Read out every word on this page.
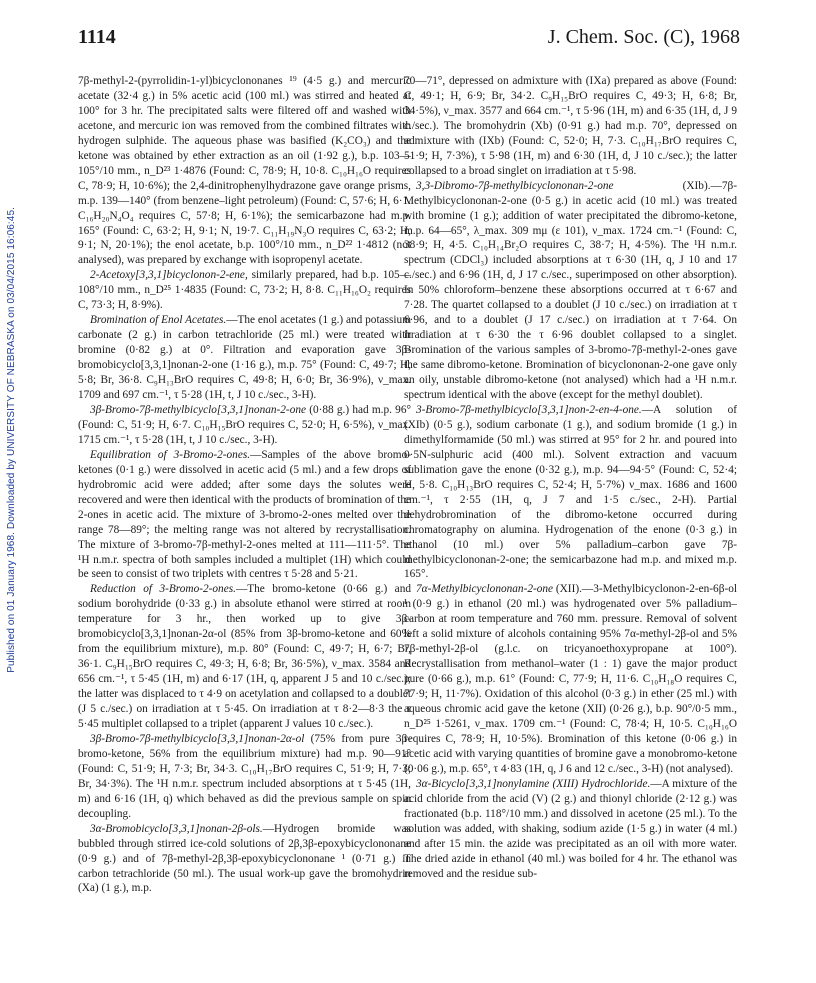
Published on 01 January 1968. Downloaded by UNIVERSITY OF NEBRASKA on 03/04/2015 16:06:45.
1114	J. Chem. Soc. (C), 1968

7β-methyl-2-(pyrrolidin-1-yl)bicyclononanes ¹⁹ (4·5 g.) and mercuric acetate (32·4 g.) in 5% acetic acid (100 ml.) was stirred and heated at 100° for 3 hr. The precipitated salts were filtered off and washed with acetone, and mercuric ion was removed from the combined filtrates with hydrogen sulphide. The aqueous phase was basified (K₂CO₃) and the ketone was obtained by ether extraction as an oil (1·92 g.), b.p. 103—105°/10 mm., n_D²³ 1·4876 (Found: C, 78·9; H, 10·8. C₁₀H₁₆O requires C, 78·9; H, 10·6%); the 2,4-dinitrophenylhydrazone gave orange prisms, m.p. 139—140° (from benzene–light petroleum) (Found: C, 57·6; H, 6·1. C₁₆H₂₀N₄O₄ requires C, 57·8; H, 6·1%); the semicarbazone had m.p. 165° (Found: C, 63·2; H, 9·1; N, 19·7. C₁₁H₁₉N₃O requires C, 63·2; H, 9·1; N, 20·1%); the enol acetate, b.p. 100°/10 mm., n_D²² 1·4812 (not analysed), was prepared by exchange with isopropenyl acetate.

2-Acetoxy[3,3,1]bicyclonon-2-ene, similarly prepared, had b.p. 105—108°/10 mm., n_D²⁵ 1·4835 (Found: C, 73·2; H, 8·8. C₁₁H₁₆O₂ requires C, 73·3; H, 8·9%).

Bromination of Enol Acetates.—The enol acetates (1 g.) and potassium carbonate (2 g.) in carbon tetrachloride (25 ml.) were treated with bromine (0·82 g.) at 0°. Filtration and evaporation gave 3β-bromobicyclo[3,3,1]nonan-2-one (1·16 g.), m.p. 75° (Found: C, 49·7; H, 5·8; Br, 36·8. C₉H₁₃BrO requires C, 49·8; H, 6·0; Br, 36·9%), ν_max. 1709 and 697 cm.⁻¹, τ 5·28 (1H, t, J 10 c./sec., 3-H).

3β-Bromo-7β-methylbicyclo[3,3,1]nonan-2-one (0·88 g.) had m.p. 96° (Found: C, 51·9; H, 6·7. C₁₀H₁₅BrO requires C, 52·0; H, 6·5%), ν_max. 1715 cm.⁻¹, τ 5·28 (1H, t, J 10 c./sec., 3-H).

Equilibration of 3-Bromo-2-ones.—Samples of the above bromo-ketones (0·1 g.) were dissolved in acetic acid (5 ml.) and a few drops of hydrobromic acid were added; after some days the solutes were recovered and were then identical with the products of bromination of the 2-ones in acetic acid. The mixture of 3-bromo-2-ones melted over the range 78—89°; the melting range was not altered by recrystallisation. The mixture of 3-bromo-7β-methyl-2-ones melted at 111—111·5°. The ¹H n.m.r. spectra of both samples included a multiplet (1H) which could be seen to consist of two triplets with centres τ 5·28 and 5·21.

Reduction of 3-Bromo-2-ones.—The bromo-ketone (0·66 g.) and sodium borohydride (0·33 g.) in absolute ethanol were stirred at room temperature for 3 hr., then worked up to give 3β-bromobicyclo[3,3,1]nonan-2α-ol (85% from 3β-bromo-ketone and 60% from the equilibrium mixture), m.p. 80° (Found: C, 49·7; H, 6·7; Br, 36·1. C₉H₁₅BrO requires C, 49·3; H, 6·8; Br, 36·5%), ν_max. 3584 and 656 cm.⁻¹, τ 5·45 (1H, m) and 6·17 (1H, q, apparent J 5 and 10 c./sec.); the latter was displaced to τ 4·9 on acetylation and collapsed to a doublet (J 5 c./sec.) on irradiation at τ 5·45. On irradiation at τ 8·2—8·3 the τ 5·45 multiplet collapsed to a triplet (apparent J values 10 c./sec.).

3β-Bromo-7β-methylbicyclo[3,3,1]nonan-2α-ol (75% from pure 3β-bromo-ketone, 56% from the equilibrium mixture) had m.p. 90—91° (Found: C, 51·9; H, 7·3; Br, 34·3. C₁₀H₁₇BrO requires C, 51·9; H, 7·3; Br, 34·3%). The ¹H n.m.r. spectrum included absorptions at τ 5·45 (1H, m) and 6·16 (1H, q) which behaved as did the previous sample on spin decoupling.

3α-Bromobicyclo[3,3,1]nonan-2β-ols.—Hydrogen bromide was bubbled through stirred ice-cold solutions of 2β,3β-epoxybicyclononane (0·9 g.) and of 7β-methyl-2β,3β-epoxybicyclononane ¹ (0·71 g.) in carbon tetrachloride (50 ml.). The usual work-up gave the bromohydrin (Xa) (1 g.), m.p.

70—71°, depressed on admixture with (IXa) prepared as above (Found: C, 49·1; H, 6·9; Br, 34·2. C₉H₁₅BrO requires C, 49·3; H, 6·8; Br, 34·5%), ν_max. 3577 and 664 cm.⁻¹, τ 5·96 (1H, m) and 6·35 (1H, d, J 9 c./sec.). The bromohydrin (Xb) (0·91 g.) had m.p. 70°, depressed on admixture with (IXb) (Found: C, 52·0; H, 7·3. C₁₀H₁₇BrO requires C, 51·9; H, 7·3%), τ 5·98 (1H, m) and 6·30 (1H, d, J 10 c./sec.); the latter collapsed to a broad singlet on irradiation at τ 5·98.

3,3-Dibromo-7β-methylbicyclononan-2-one (XIb).—7β-Methylbicyclononan-2-one (0·5 g.) in acetic acid (10 ml.) was treated with bromine (1 g.); addition of water precipitated the dibromo-ketone, m.p. 64—65°, λ_max. 309 mμ (ε 101), ν_max. 1724 cm.⁻¹ (Found: C, 38·9; H, 4·5. C₁₀H₁₄Br₂O requires C, 38·7; H, 4·5%). The ¹H n.m.r. spectrum (CDCl₃) included absorptions at τ 6·30 (1H, q, J 10 and 17 c./sec.) and 6·96 (1H, d, J 17 c./sec., superimposed on other absorption). In 50% chloroform–benzene these absorptions occurred at τ 6·67 and 7·28. The quartet collapsed to a doublet (J 10 c./sec.) on irradiation at τ 6·96, and to a doublet (J 17 c./sec.) on irradiation at τ 7·64. On irradiation at τ 6·30 the τ 6·96 doublet collapsed to a singlet. Bromination of the various samples of 3-bromo-7β-methyl-2-ones gave the same dibromo-ketone. Bromination of bicyclononan-2-one gave only an oily, unstable dibromo-ketone (not analysed) which had a ¹H n.m.r. spectrum identical with the above (except for the methyl doublet).

3-Bromo-7β-methylbicyclo[3,3,1]non-2-en-4-one.—A solution of (XIb) (0·5 g.), sodium carbonate (1 g.), and sodium bromide (1 g.) in dimethylformamide (50 ml.) was stirred at 95° for 2 hr. and poured into 0·5N-sulphuric acid (400 ml.). Solvent extraction and vacuum sublimation gave the enone (0·32 g.), m.p. 94—94·5° (Found: C, 52·4; H, 5·8. C₁₀H₁₃BrO requires C, 52·4; H, 5·7%) ν_max. 1686 and 1600 cm.⁻¹, τ 2·55 (1H, q, J 7 and 1·5 c./sec., 2-H). Partial dehydrobromination of the dibromo-ketone occurred during chromatography on alumina. Hydrogenation of the enone (0·3 g.) in ethanol (10 ml.) over 5% palladium–carbon gave 7β-methylbicyclononan-2-one; the semicarbazone had m.p. and mixed m.p. 165°.

7α-Methylbicyclononan-2-one (XII).—3-Methylbicyclonon-2-en-6β-ol ¹ (0·9 g.) in ethanol (20 ml.) was hydrogenated over 5% palladium–carbon at room temperature and 760 mm. pressure. Removal of solvent left a solid mixture of alcohols containing 95% 7α-methyl-2β-ol and 5% 7β-methyl-2β-ol (g.l.c. on tricyanoethoxypropane at 100°). Recrystallisation from methanol–water (1 : 1) gave the major product pure (0·66 g.), m.p. 61° (Found: C, 77·9; H, 11·6. C₁₀H₁₈O requires C, 77·9; H, 11·7%). Oxidation of this alcohol (0·3 g.) in ether (25 ml.) with aqueous chromic acid gave the ketone (XII) (0·26 g.), b.p. 90°/0·5 mm., n_D²⁵ 1·5261, ν_max. 1709 cm.⁻¹ (Found: C, 78·4; H, 10·5. C₁₀H₁₆O requires C, 78·9; H, 10·5%). Bromination of this ketone (0·06 g.) in acetic acid with varying quantities of bromine gave a monobromo-ketone (0·06 g.), m.p. 65°, τ 4·83 (1H, q, J 6 and 12 c./sec., 3-H) (not analysed).

3α-Bicyclo[3,3,1]nonylamine (XIII) Hydrochloride.—A mixture of the acid chloride from the acid (V) (2 g.) and thionyl chloride (2·12 g.) was fractionated (b.p. 118°/10 mm.) and dissolved in acetone (25 ml.). To the solution was added, with shaking, sodium azide (1·5 g.) in water (4 ml.) and after 15 min. the azide was precipitated as an oil with more water. The dried azide in ethanol (40 ml.) was boiled for 4 hr. The ethanol was removed and the residue sub-
